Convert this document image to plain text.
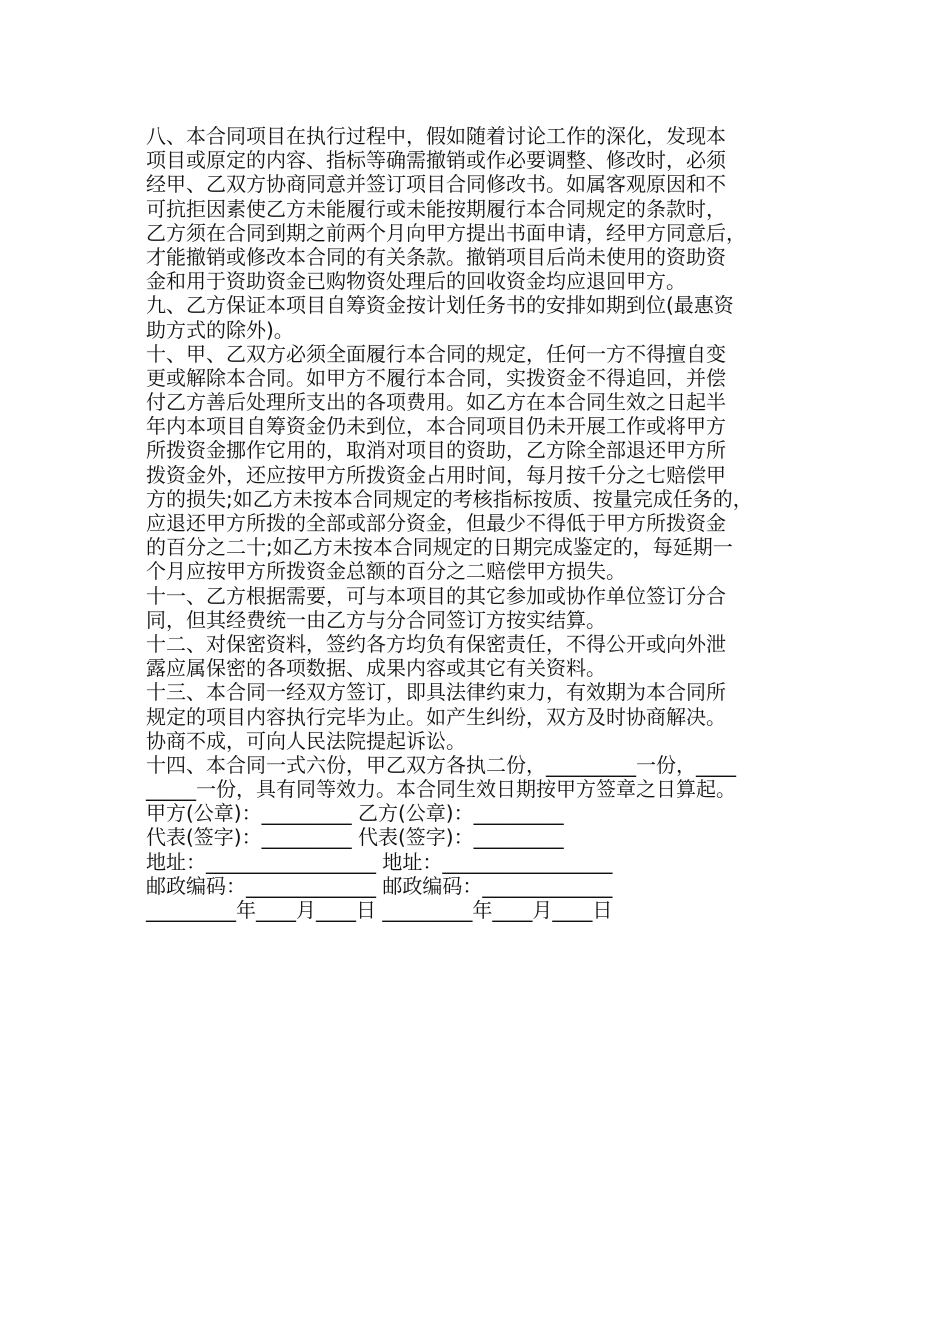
八、本合同项目在执行过程中，假如随着讨论工作的深化，发现本
项目或原定的内容、指标等确需撤销或作必要调整、修改时，必须
经甲、乙双方协商同意并签订项目合同修改书。如属客观原因和不
可抗拒因素使乙方未能履行或未能按期履行本合同规定的条款时，
乙方须在合同到期之前两个月向甲方提出书面申请，经甲方同意后，
才能撤销或修改本合同的有关条款。撤销项目后尚未使用的资助资
金和用于资助资金已购物资处理后的回收资金均应退回甲方。
九、乙方保证本项目自筹资金按计划任务书的安排如期到位(最惠资
助方式的除外)。
十、甲、乙双方必须全面履行本合同的规定，任何一方不得擅自变
更或解除本合同。如甲方不履行本合同，实拨资金不得追回，并偿
付乙方善后处理所支出的各项费用。如乙方在本合同生效之日起半
年内本项目自筹资金仍未到位，本合同项目仍未开展工作或将甲方
所拨资金挪作它用的，取消对项目的资助，乙方除全部退还甲方所
拨资金外，还应按甲方所拨资金占用时间，每月按千分之七赔偿甲
方的损失;如乙方未按本合同规定的考核指标按质、按量完成任务的，
应退还甲方所拨的全部或部分资金，但最少不得低于甲方所拨资金
的百分之二十;如乙方未按本合同规定的日期完成鉴定的，每延期一
个月应按甲方所拨资金总额的百分之二赔偿甲方损失。
十一、乙方根据需要，可与本项目的其它参加或协作单位签订分合
同，但其经费统一由乙方与分合同签订方按实结算。
十二、对保密资料，签约各方均负有保密责任，不得公开或向外泄
露应属保密的各项数据、成果内容或其它有关资料。
十三、本合同一经双方签订，即具法律约束力，有效期为本合同所
规定的项目内容执行完毕为止。如产生纠纷，双方及时协商解决。
协商不成，可向人民法院提起诉讼。
十四、本合同一式六份，甲乙双方各执二份，_________一份，____
_____一份，具有同等效力。本合同生效日期按甲方签章之日算起。
甲方(公章)：_________ 乙方(公章)：_________
代表(签字)：_________ 代表(签字)：_________
地址：_________________ 地址：_________________
邮政编码：_____________ 邮政编码：_____________
_________年____月____日 _________年____月____日
